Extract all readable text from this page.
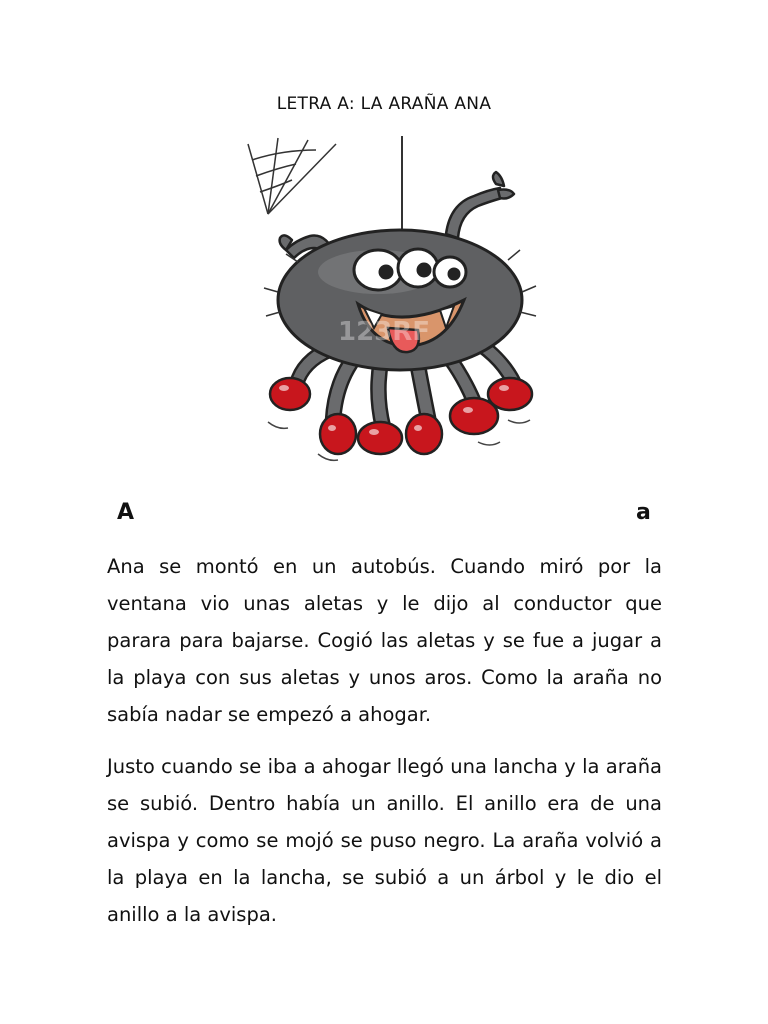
LETRA A: LA ARAÑA ANA
123RF
A	a

Ana se montó en un autobús. Cuando miró por la ventana vio unas aletas y le dijo al conductor que parara para bajarse. Cogió las aletas y se fue a jugar a la playa con sus aletas y unos aros. Como la araña no sabía nadar se empezó a ahogar.

Justo cuando se iba a ahogar llegó una lancha y la araña se subió. Dentro había un anillo. El anillo era de una avispa y como se mojó se puso negro. La araña volvió a la playa en la lancha, se subió a un árbol y le dio el anillo a la avispa.
